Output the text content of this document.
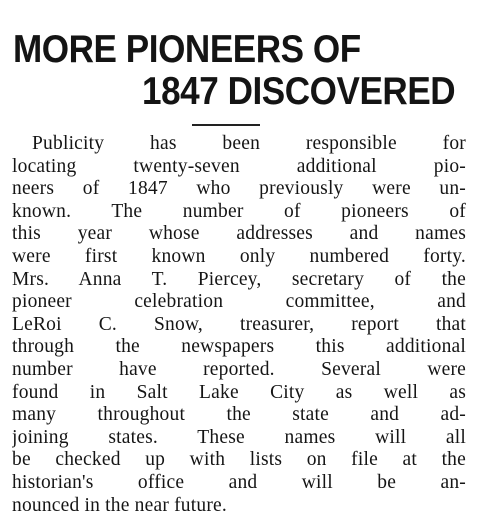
MORE PIONEERS OF
1847 DISCOVERED
Publicity has been responsible for
locating twenty-seven additional pio-
neers of 1847 who previously were un-
known. The number of pioneers of
this year whose addresses and names
were first known only numbered forty.
Mrs. Anna T. Piercey, secretary of the
pioneer celebration committee, and
LeRoi C. Snow, treasurer, report that
through the newspapers this additional
number have reported. Several were
found in Salt Lake City as well as
many throughout the state and ad-
joining states. These names will all
be checked up with lists on file at the
historian's office and will be an-
nounced in the near future.
